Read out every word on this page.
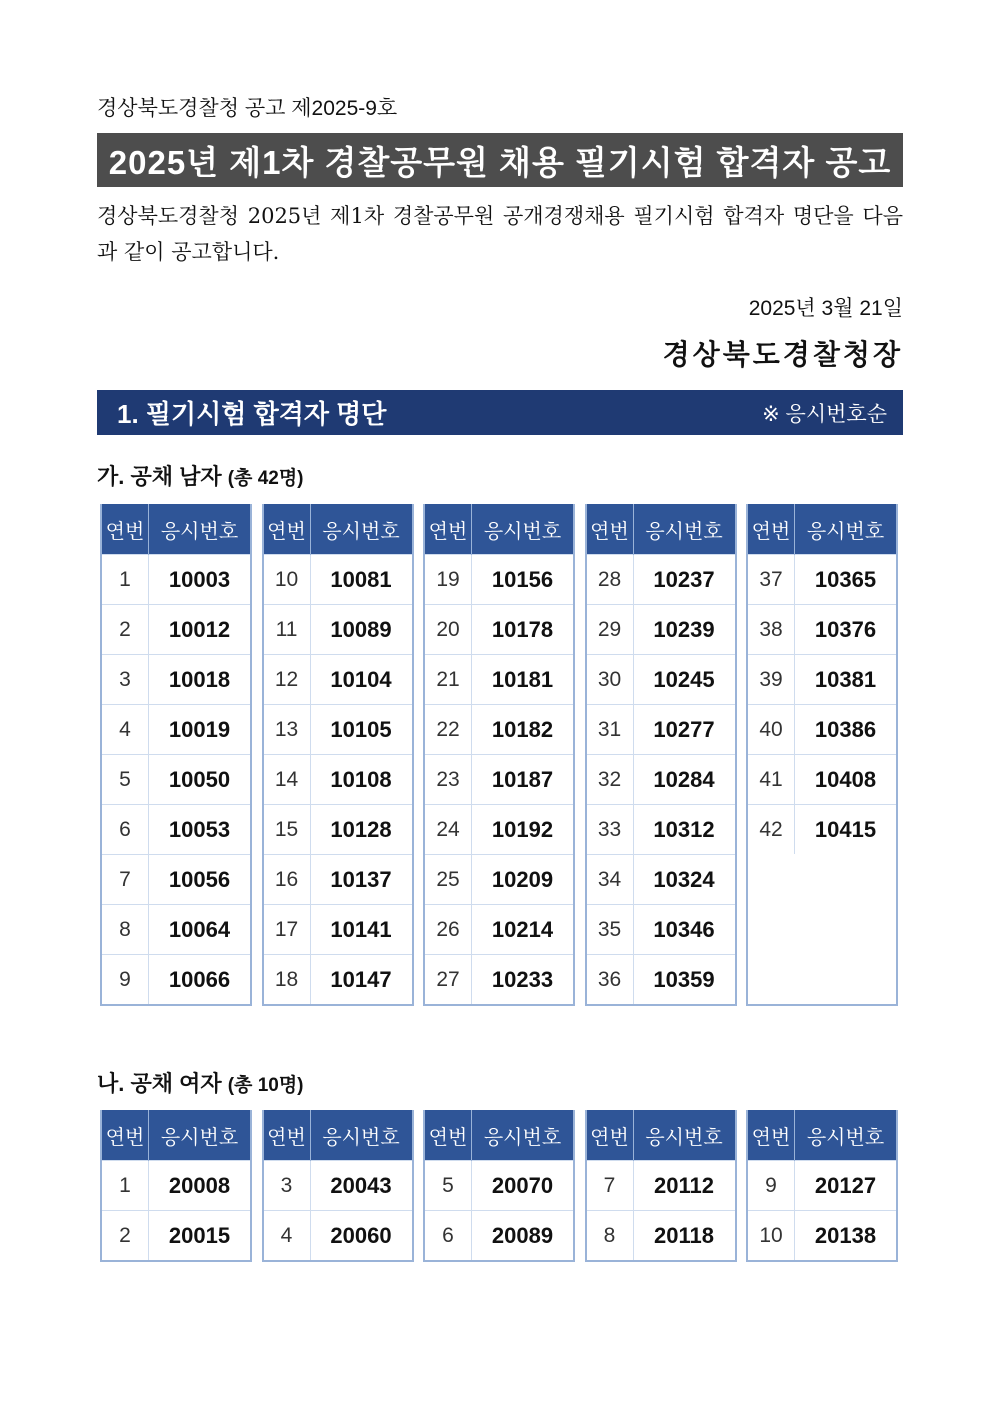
경상북도경찰청 공고 제2025-9호
2025년 제1차 경찰공무원 채용 필기시험 합격자 공고
경상북도경찰청 2025년 제1차 경찰공무원 공개경쟁채용 필기시험 합격자 명단을 다음과 같이 공고합니다.
2025년 3월 21일
경상북도경찰청장
1. 필기시험 합격자 명단	※ 응시번호순
가. 공채 남자 (총 42명)
연번	응시번호
1	10003
2	10012
3	10018
4	10019
5	10050
6	10053
7	10056
8	10064
9	10066
연번	응시번호
10	10081
11	10089
12	10104
13	10105
14	10108
15	10128
16	10137
17	10141
18	10147
연번	응시번호
19	10156
20	10178
21	10181
22	10182
23	10187
24	10192
25	10209
26	10214
27	10233
연번	응시번호
28	10237
29	10239
30	10245
31	10277
32	10284
33	10312
34	10324
35	10346
36	10359
연번	응시번호
37	10365
38	10376
39	10381
40	10386
41	10408
42	10415
나. 공채 여자 (총 10명)
연번	응시번호
1	20008
2	20015
연번	응시번호
3	20043
4	20060
연번	응시번호
5	20070
6	20089
연번	응시번호
7	20112
8	20118
연번	응시번호
9	20127
10	20138
